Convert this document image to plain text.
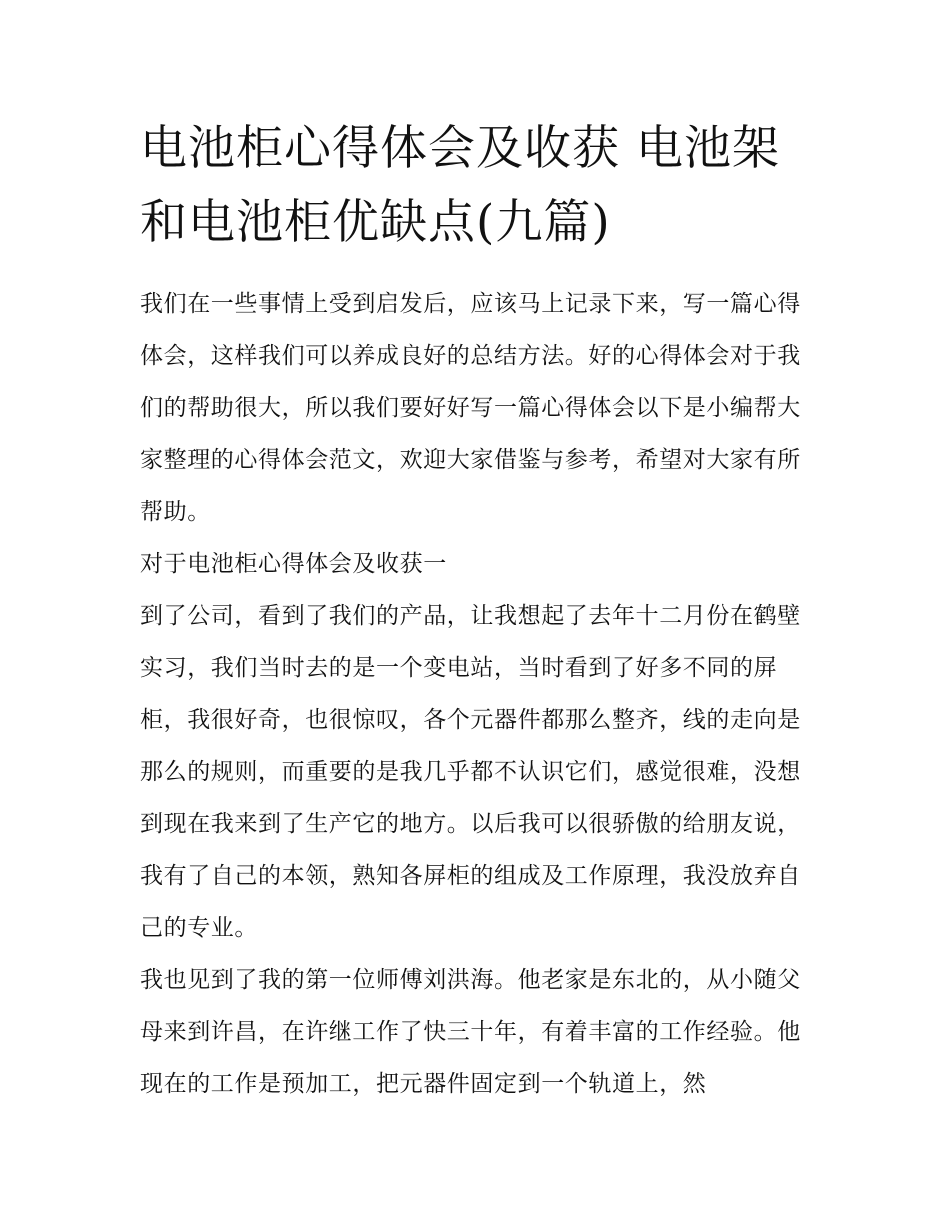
电池柜心得体会及收获 电池架和电池柜优缺点(九篇)

我们在一些事情上受到启发后，应该马上记录下来，写一篇心得体会，这样我们可以养成良好的总结方法。好的心得体会对于我们的帮助很大，所以我们要好好写一篇心得体会以下是小编帮大家整理的心得体会范文，欢迎大家借鉴与参考，希望对大家有所帮助。

对于电池柜心得体会及收获一

到了公司，看到了我们的产品，让我想起了去年十二月份在鹤壁实习，我们当时去的是一个变电站，当时看到了好多不同的屏柜，我很好奇，也很惊叹，各个元器件都那么整齐，线的走向是那么的规则，而重要的是我几乎都不认识它们，感觉很难，没想到现在我来到了生产它的地方。以后我可以很骄傲的给朋友说，我有了自己的本领，熟知各屏柜的组成及工作原理，我没放弃自己的专业。

我也见到了我的第一位师傅刘洪海。他老家是东北的，从小随父母来到许昌，在许继工作了快三十年，有着丰富的工作经验。他现在的工作是预加工，把元器件固定到一个轨道上，然
